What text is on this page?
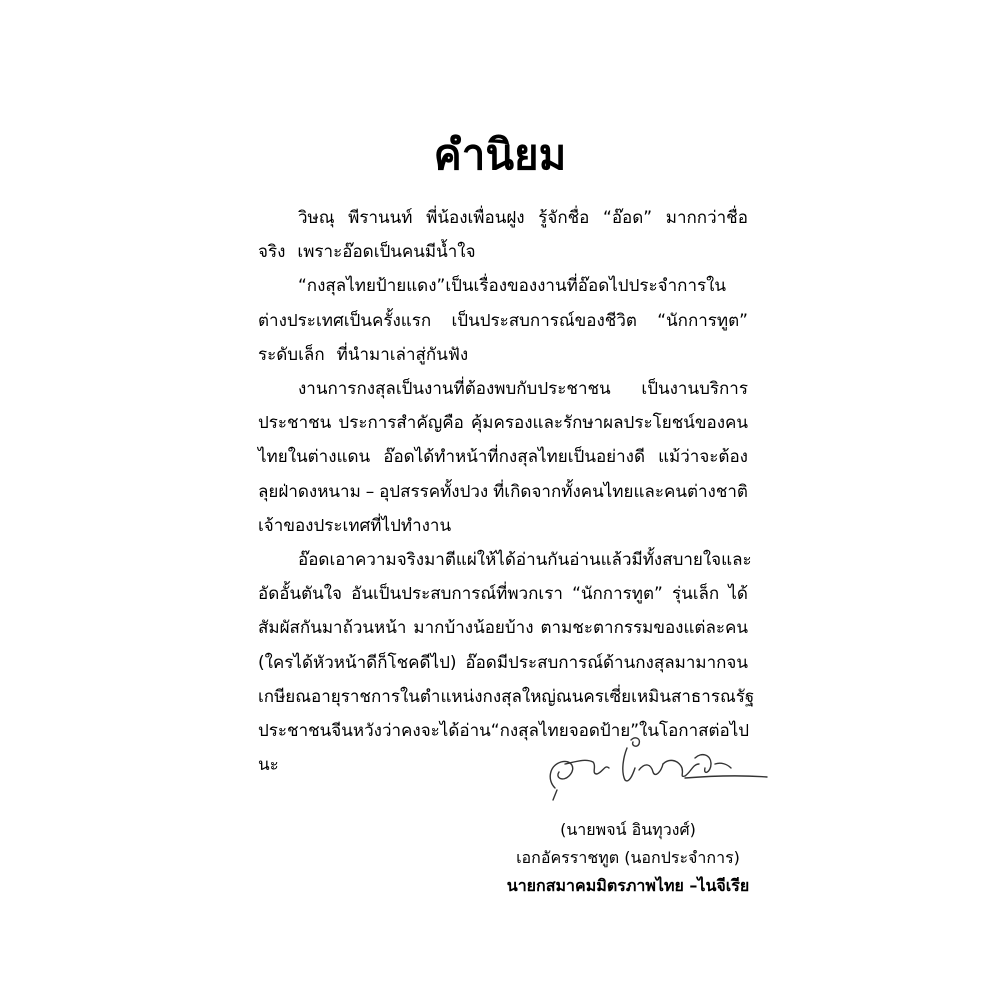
คำนิยม

วิษณุ พีรานนท์ พี่น้องเพื่อนฝูง รู้จักชื่อ “อ๊อด” มากกว่าชื่อ

จริง เพราะอ๊อดเป็นคนมีน้ำใจ

“กงสุลไทยป้ายแดง”เป็นเรื่องของงานที่อ๊อดไปประจำการใน

ต่างประเทศเป็นครั้งแรก เป็นประสบการณ์ของชีวิต “นักการทูต”

ระดับเล็ก ที่นำมาเล่าสู่กันฟัง

งานการกงสุลเป็นงานที่ต้องพบกับประชาชน เป็นงานบริการ

ประชาชน ประการสำคัญคือ คุ้มครองและรักษาผลประโยชน์ของคน

ไทยในต่างแดน อ๊อดได้ทำหน้าที่กงสุลไทยเป็นอย่างดี แม้ว่าจะต้อง

ลุยฝ่าดงหนาม – อุปสรรคทั้งปวง ที่เกิดจากทั้งคนไทยและคนต่างชาติ

เจ้าของประเทศที่ไปทำงาน

อ๊อดเอาความจริงมาตีแผ่ให้ได้อ่านกัน อ่านแล้วมีทั้งสบายใจและ

อัดอั้นตันใจ อันเป็นประสบการณ์ที่พวกเรา “นักการทูต” รุ่นเล็ก ได้

สัมผัสกันมาถ้วนหน้า มากบ้างน้อยบ้าง ตามชะตากรรมของแต่ละคน

(ใครได้หัวหน้าดีก็โชคดีไป) อ๊อดมีประสบการณ์ด้านกงสุลมามากจน

เกษียณอายุราชการในตำแหน่งกงสุลใหญ่ ณ นครเซี่ยเหมิน สาธารณรัฐ

ประชาชนจีน หวังว่าคงจะได้อ่าน “กงสุลไทยจอดป้าย” ในโอกาสต่อไป

นะ

(นายพจน์ อินทุวงศ์)

เอกอัครราชทูต (นอกประจำการ)

นายกสมาคมมิตรภาพไทย –ไนจีเรีย
